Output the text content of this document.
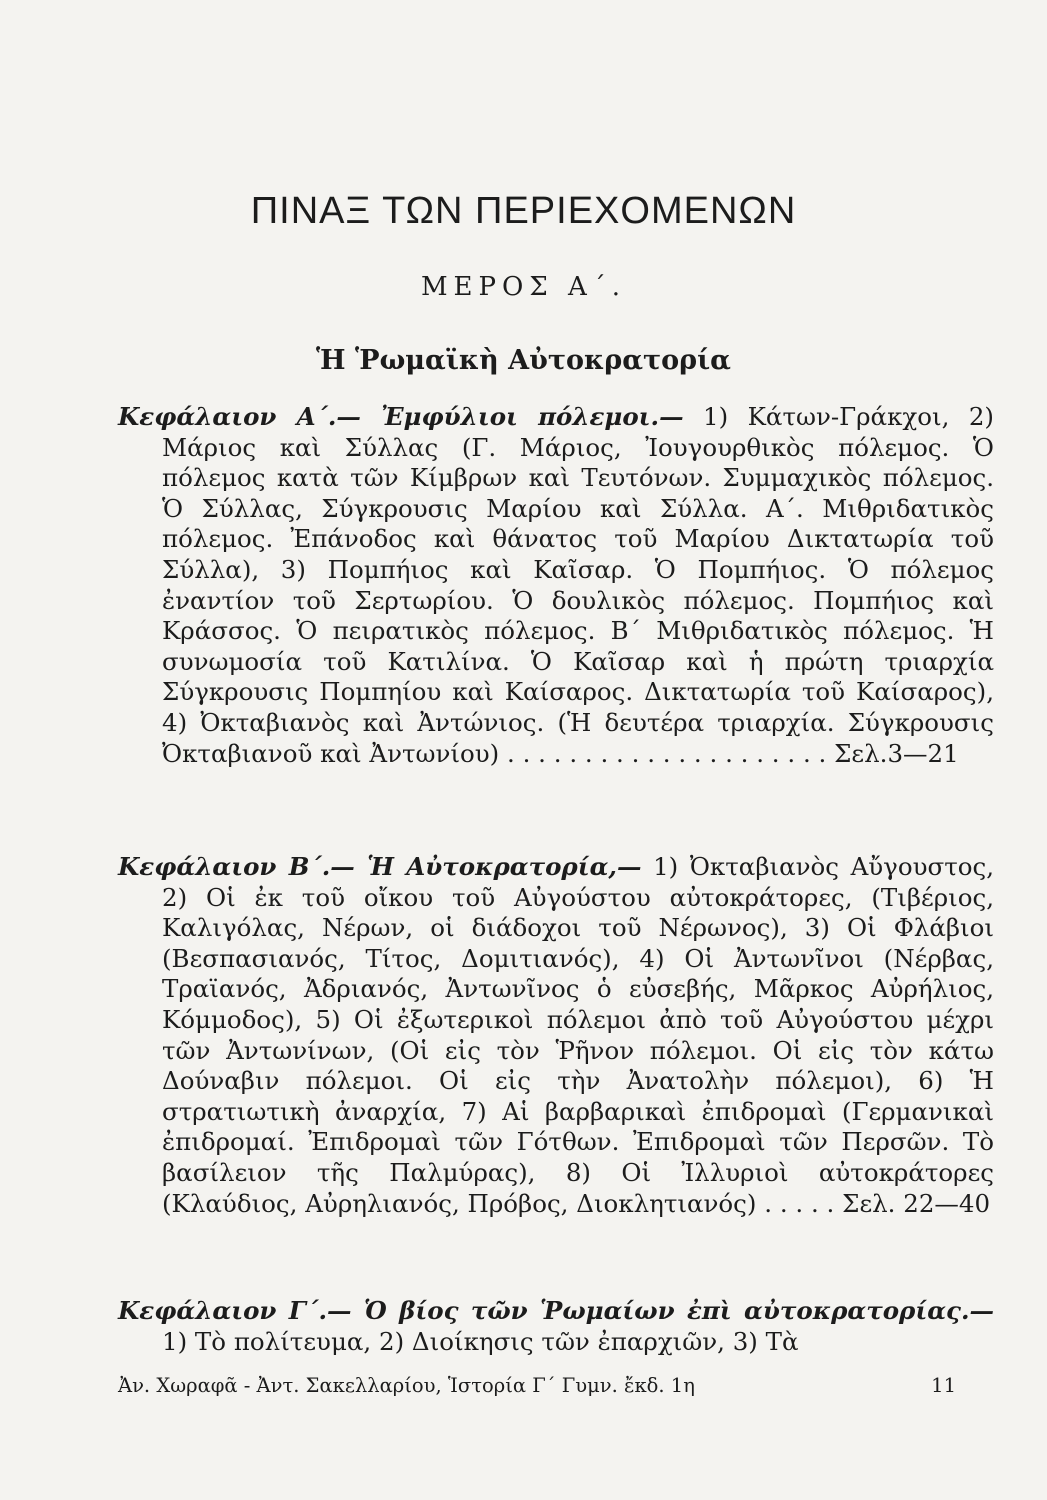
ΠΙΝΑΞ ΤΩΝ ΠΕΡΙΕΧΟΜΕΝΩΝ
ΜΕΡΟΣ Α΄.
Ἡ Ῥωμαϊκὴ Αὐτοκρατορία
Κεφάλαιον Α΄.— Ἐμφύλιοι πόλεμοι.— 1) Κάτων-Γράκχοι, 2) Μάριος καὶ Σύλλας (Γ. Μάριος, Ἰουγουρθικὸς πόλεμος. Ὁ πόλεμος κατὰ τῶν Κίμβρων καὶ Τευτόνων. Συμμαχικὸς πόλεμος. Ὁ Σύλλας, Σύγκρουσις Μαρίου καὶ Σύλλα. Α΄. Μιθριδατικὸς πόλεμος. Ἐπάνοδος καὶ θάνατος τοῦ Μαρίου Δικτατωρία τοῦ Σύλλα), 3) Πομπήιος καὶ Καῖσαρ. Ὁ Πομπήιος. Ὁ πόλεμος ἐναντίον τοῦ Σερτωρίου. Ὁ δουλικὸς πόλεμος. Πομπήιος καὶ Κράσσος. Ὁ πειρατικὸς πόλεμος. Β΄ Μιθριδατικὸς πόλεμος. Ἡ συνωμοσία τοῦ Κατιλίνα. Ὁ Καῖσαρ καὶ ἡ πρώτη τριαρχία Σύγκρουσις Πομπηίου καὶ Καίσαρος. Δικτατωρία τοῦ Καίσαρος), 4) Ὀκταβιανὸς καὶ Ἀντώνιος. (Ἡ δευτέρα τριαρχία. Σύγκρουσις Ὀκταβιανοῦ καὶ Ἀντωνίου) . . . . . . . . . . . . . . . . . . . . . Σελ.3—21
Κεφάλαιον Β΄.— Ἡ Αὐτοκρατορία,— 1) Ὀκταβιανὸς Αὔγουστος, 2) Οἱ ἐκ τοῦ οἴκου τοῦ Αὐγούστου αὐτοκράτορες, (Τιβέριος, Καλιγόλας, Νέρων, οἱ διάδοχοι τοῦ Νέρωνος), 3) Οἱ Φλάβιοι (Βεσπασιανός, Τίτος, Δομιτιανός), 4) Οἱ Ἀντωνῖνοι (Νέρβας, Τραϊανός, Ἀδριανός, Ἀντωνῖνος ὁ εὐσεβής, Μᾶρκος Αὐρήλιος, Κόμμοδος), 5) Οἱ ἐξωτερικοὶ πόλεμοι ἀπὸ τοῦ Αὐγούστου μέχρι τῶν Ἀντωνίνων, (Οἱ εἰς τὸν Ῥῆνον πόλεμοι. Οἱ εἰς τὸν κάτω Δούναβιν πόλεμοι. Οἱ εἰς τὴν Ἀνατολὴν πόλεμοι), 6) Ἡ στρατιωτικὴ ἀναρχία, 7) Αἱ βαρβαρικαὶ ἐπιδρομαὶ (Γερμανικαὶ ἐπιδρομαί. Ἐπιδρομαὶ τῶν Γότθων. Ἐπιδρομαὶ τῶν Περσῶν. Τὸ βασίλειον τῆς Παλμύρας), 8) Οἱ Ἰλλυριοὶ αὐτοκράτορες (Κλαύδιος, Αὐρηλιανός, Πρόβος, Διοκλητιανός) . . . . . Σελ. 22—40
Κεφάλαιον Γ΄.— Ὁ βίος τῶν Ῥωμαίων ἐπὶ αὐτοκρατορίας.— 1) Τὸ πολίτευμα, 2) Διοίκησις τῶν ἐπαρχιῶν, 3) Τὰ
Ἀν. Χωραφᾶ - Ἀντ. Σακελλαρίου, Ἱστορία Γ΄ Γυμν. ἔκδ. 1η	11
